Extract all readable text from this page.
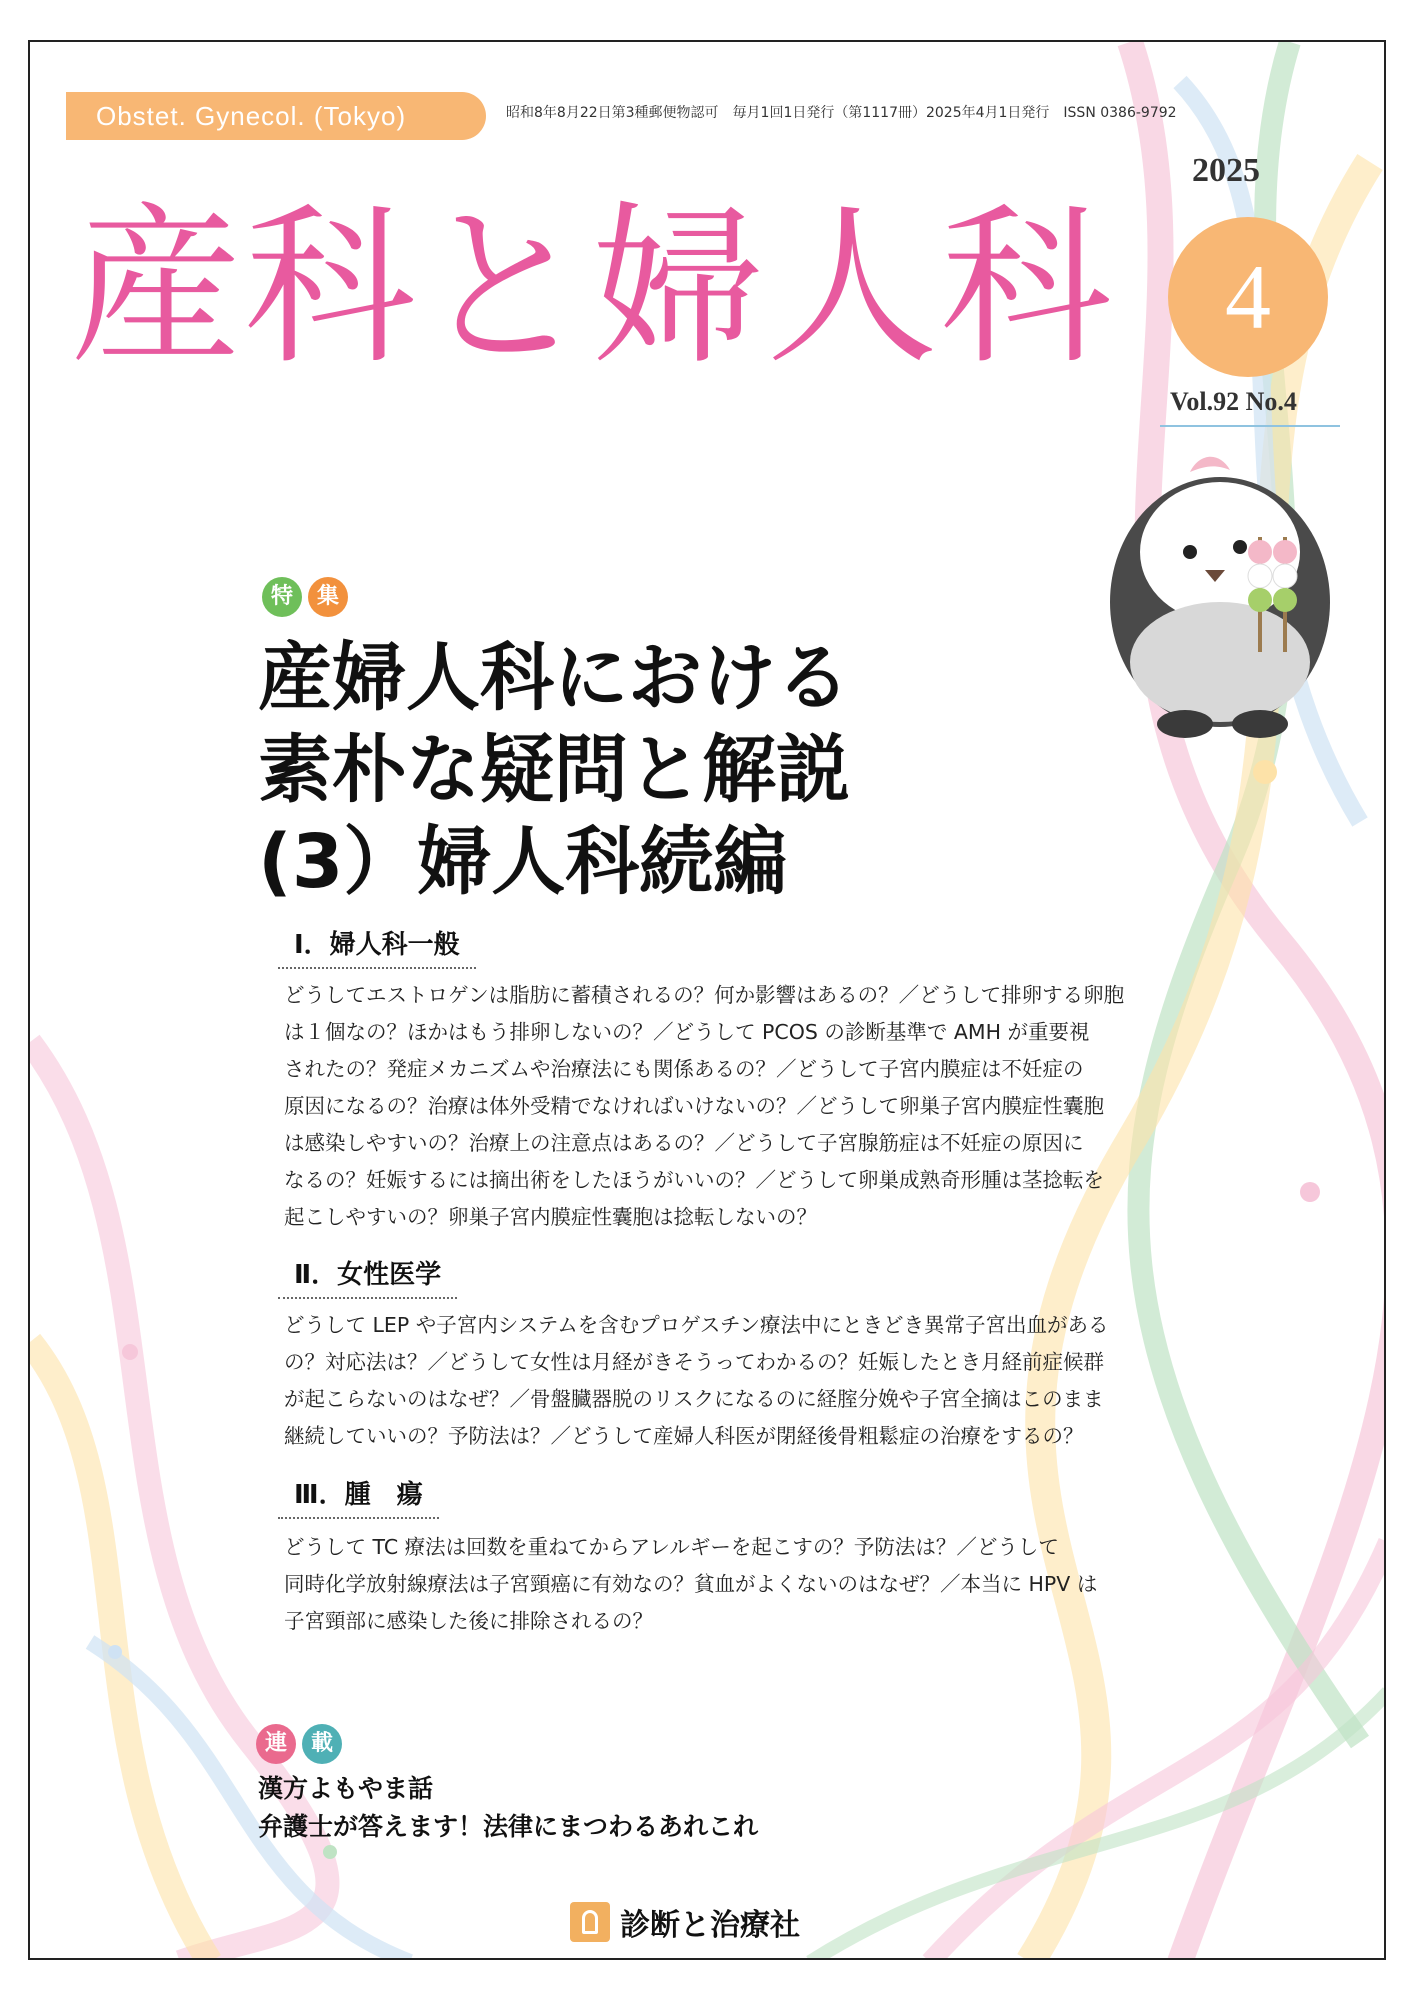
Obstet. Gynecol. (Tokyo)	昭和8年8月22日第3種郵便物認可　毎月1回1日発行（第1117冊）2025年4月1日発行　ISSN 0386-9792
2025
4
Vol.92 No.4
産科と婦人科
特	集
産婦人科における
素朴な疑問と解説
(3）婦人科続編
Ⅰ．婦人科一般
どうしてエストロゲンは脂肪に蓄積されるの？何か影響はあるの？／どうして排卵する卵胞
は１個なの？ほかはもう排卵しないの？／どうして PCOS の診断基準で AMH が重要視
されたの？発症メカニズムや治療法にも関係あるの？／どうして子宮内膜症は不妊症の
原因になるの？治療は体外受精でなければいけないの？／どうして卵巣子宮内膜症性囊胞
は感染しやすいの？治療上の注意点はあるの？／どうして子宮腺筋症は不妊症の原因に
なるの？妊娠するには摘出術をしたほうがいいの？／どうして卵巣成熟奇形腫は茎捻転を
起こしやすいの？卵巣子宮内膜症性囊胞は捻転しないの？
Ⅱ．女性医学
どうして LEP や子宮内システムを含むプロゲスチン療法中にときどき異常子宮出血がある
の？対応法は？／どうして女性は月経がきそうってわかるの？妊娠したとき月経前症候群
が起こらないのはなぜ？／骨盤臓器脱のリスクになるのに経腟分娩や子宮全摘はこのまま
継続していいの？予防法は？／どうして産婦人科医が閉経後骨粗鬆症の治療をするの？
Ⅲ．腫　瘍
どうして TC 療法は回数を重ねてからアレルギーを起こすの？予防法は？／どうして
同時化学放射線療法は子宮頸癌に有効なの？貧血がよくないのはなぜ？／本当に HPV は
子宮頸部に感染した後に排除されるの？
連	載
漢方よもやま話
弁護士が答えます！法律にまつわるあれこれ
診断と治療社
